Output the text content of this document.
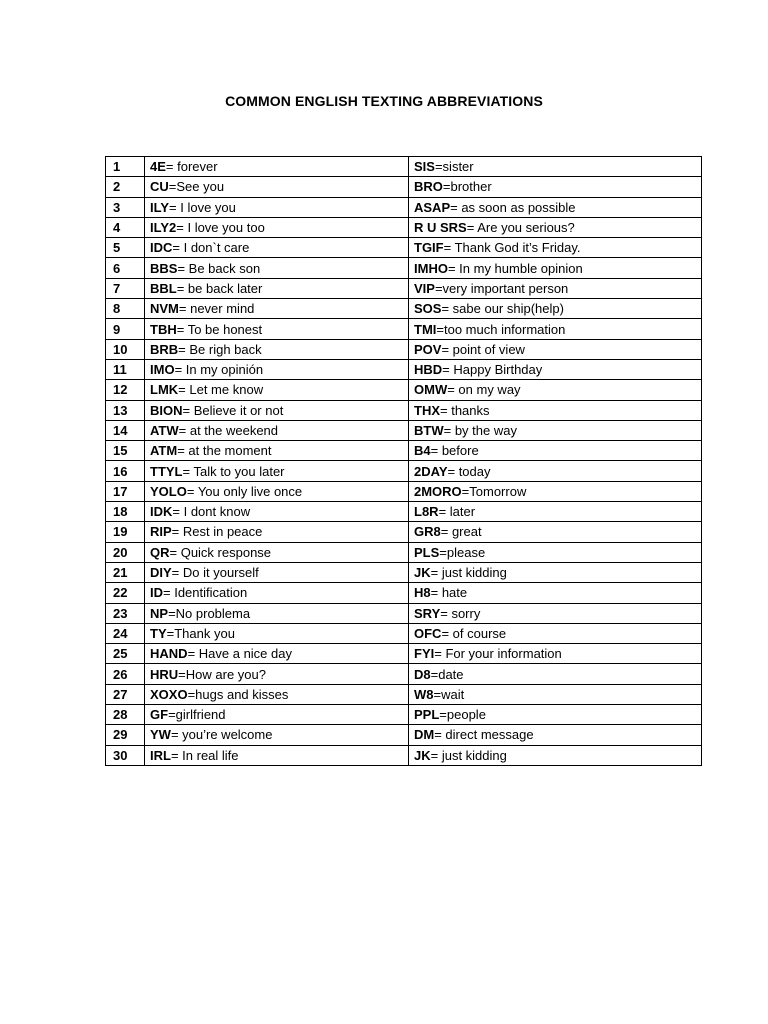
COMMON ENGLISH TEXTING ABBREVIATIONS
1	4E= forever	SIS=sister
2	CU=See you	BRO=brother
3	ILY= I love you	ASAP= as soon as possible
4	ILY2= I love you too	R U SRS= Are you serious?
5	IDC= I don`t care	TGIF= Thank God it’s Friday.
6	BBS= Be back son	IMHO= In my humble opinion
7	BBL= be back later	VIP=very important person
8	NVM= never mind	SOS= sabe our ship(help)
9	TBH= To be honest	TMI=too much information
10	BRB= Be righ back	POV= point of view
11	IMO= In my opinión	HBD= Happy Birthday
12	LMK= Let me know	OMW= on my way
13	BION= Believe it or not	THX= thanks
14	ATW= at the weekend	BTW= by the way
15	ATM= at the moment	B4= before
16	TTYL= Talk to you later	2DAY= today
17	YOLO= You only live once	2MORO=Tomorrow
18	IDK= I dont know	L8R= later
19	RIP= Rest in peace	GR8= great
20	QR= Quick response	PLS=please
21	DIY= Do it yourself	JK= just kidding
22	ID= Identification	H8= hate
23	NP=No problema	SRY= sorry
24	TY=Thank you	OFC= of course
25	HAND= Have a nice day	FYI= For your information
26	HRU=How are you?	D8=date
27	XOXO=hugs and kisses	W8=wait
28	GF=girlfriend	PPL=people
29	YW= you’re welcome	DM= direct message
30	IRL= In real life	JK= just kidding
